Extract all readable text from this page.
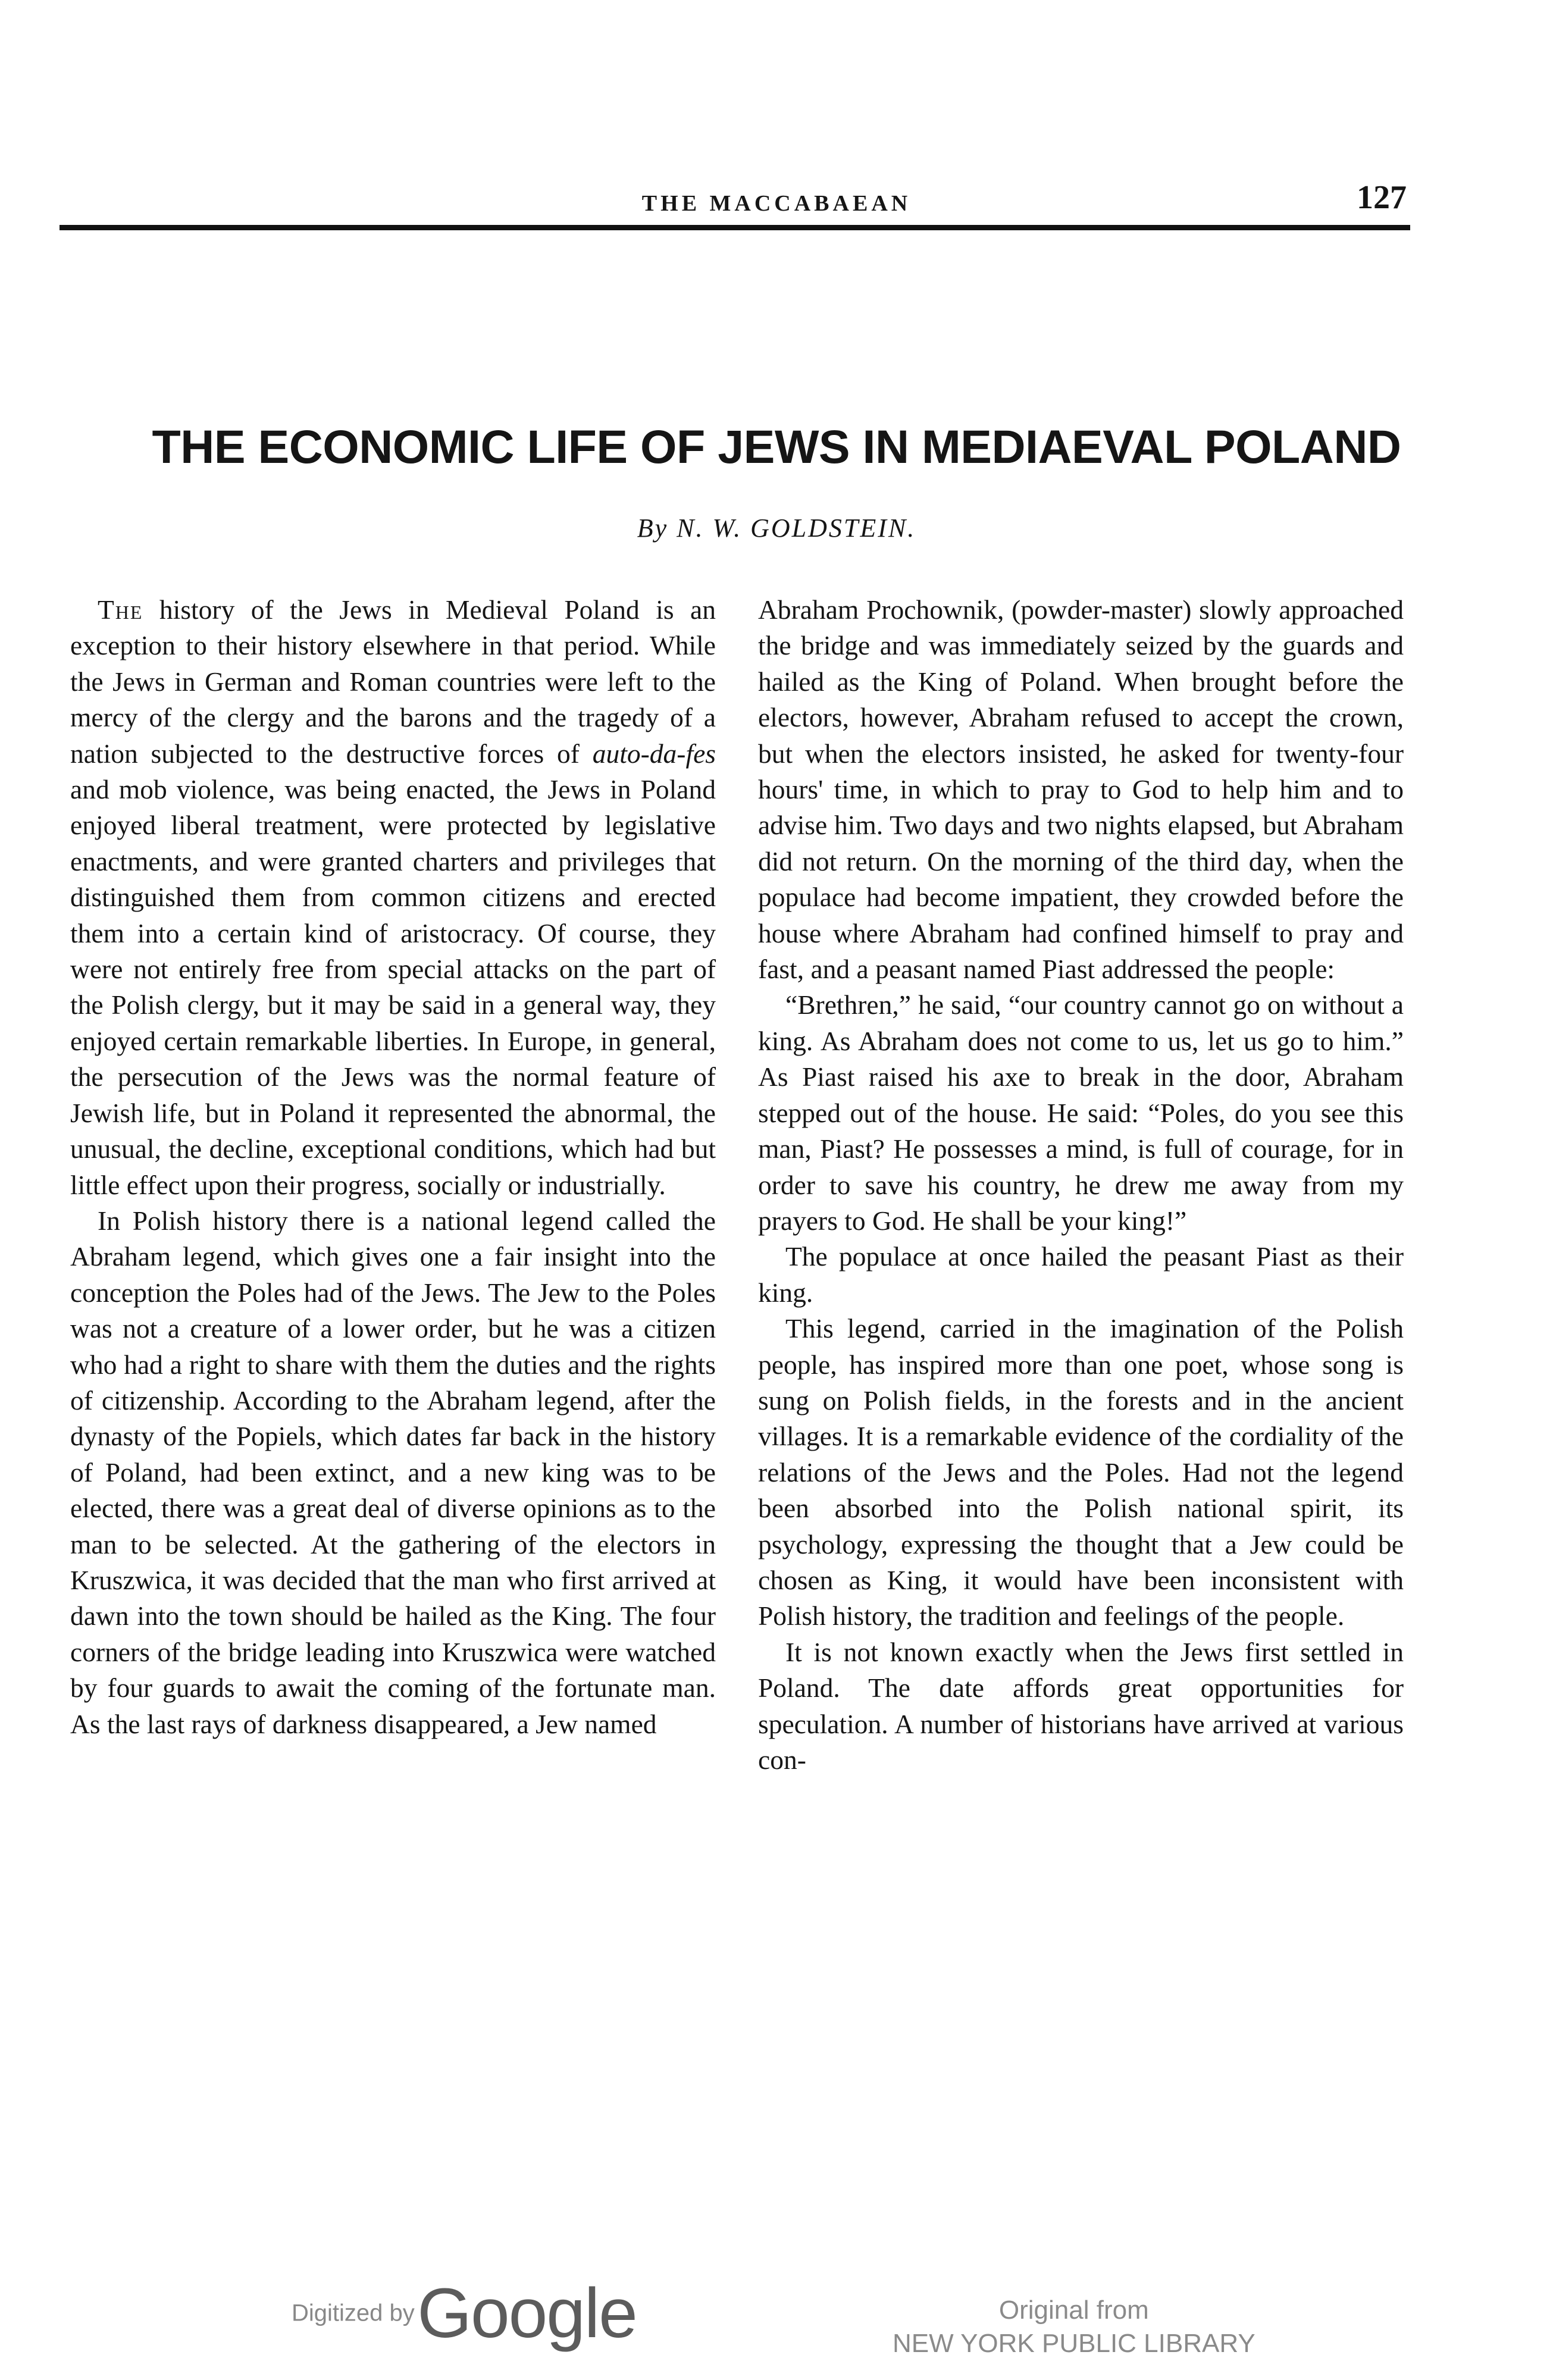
THE MACCABAEAN	127
THE ECONOMIC LIFE OF JEWS IN MEDIAEVAL POLAND
By N. W. GOLDSTEIN.

The history of the Jews in Medieval Poland is an exception to their history elsewhere in that period. While the Jews in German and Roman countries were left to the mercy of the clergy and the barons and the tragedy of a nation subjected to the destructive forces of auto-da-fes and mob violence, was being enacted, the Jews in Poland enjoyed liberal treatment, were protected by legislative enactments, and were granted charters and privileges that distinguished them from common citizens and erected them into a certain kind of aristocracy. Of course, they were not entirely free from special attacks on the part of the Polish clergy, but it may be said in a general way, they enjoyed certain remarkable liberties. In Europe, in general, the persecution of the Jews was the normal feature of Jewish life, but in Poland it represented the abnormal, the unusual, the decline, exceptional conditions, which had but little effect upon their progress, socially or industrially.

In Polish history there is a national legend called the Abraham legend, which gives one a fair insight into the conception the Poles had of the Jews. The Jew to the Poles was not a creature of a lower order, but he was a citizen who had a right to share with them the duties and the rights of citizenship. According to the Abraham legend, after the dynasty of the Popiels, which dates far back in the history of Poland, had been extinct, and a new king was to be elected, there was a great deal of diverse opinions as to the man to be selected. At the gathering of the electors in Kruszwica, it was decided that the man who first arrived at dawn into the town should be hailed as the King. The four corners of the bridge leading into Kruszwica were watched by four guards to await the coming of the fortunate man. As the last rays of darkness disappeared, a Jew named

Abraham Prochownik, (powder-master) slowly approached the bridge and was immediately seized by the guards and hailed as the King of Poland. When brought before the electors, however, Abraham refused to accept the crown, but when the electors insisted, he asked for twenty-four hours' time, in which to pray to God to help him and to advise him. Two days and two nights elapsed, but Abraham did not return. On the morning of the third day, when the populace had become impatient, they crowded before the house where Abraham had confined himself to pray and fast, and a peasant named Piast addressed the people:

“Brethren,” he said, “our country cannot go on without a king. As Abraham does not come to us, let us go to him.” As Piast raised his axe to break in the door, Abraham stepped out of the house. He said: “Poles, do you see this man, Piast? He possesses a mind, is full of courage, for in order to save his country, he drew me away from my prayers to God. He shall be your king!”

The populace at once hailed the peasant Piast as their king.

This legend, carried in the imagination of the Polish people, has inspired more than one poet, whose song is sung on Polish fields, in the forests and in the ancient villages. It is a remarkable evidence of the cordiality of the relations of the Jews and the Poles. Had not the legend been absorbed into the Polish national spirit, its psychology, expressing the thought that a Jew could be chosen as King, it would have been inconsistent with Polish history, the tradition and feelings of the people.

It is not known exactly when the Jews first settled in Poland. The date affords great opportunities for speculation. A number of historians have arrived at various con-

Digitized by Google	Original from
NEW YORK PUBLIC LIBRARY
